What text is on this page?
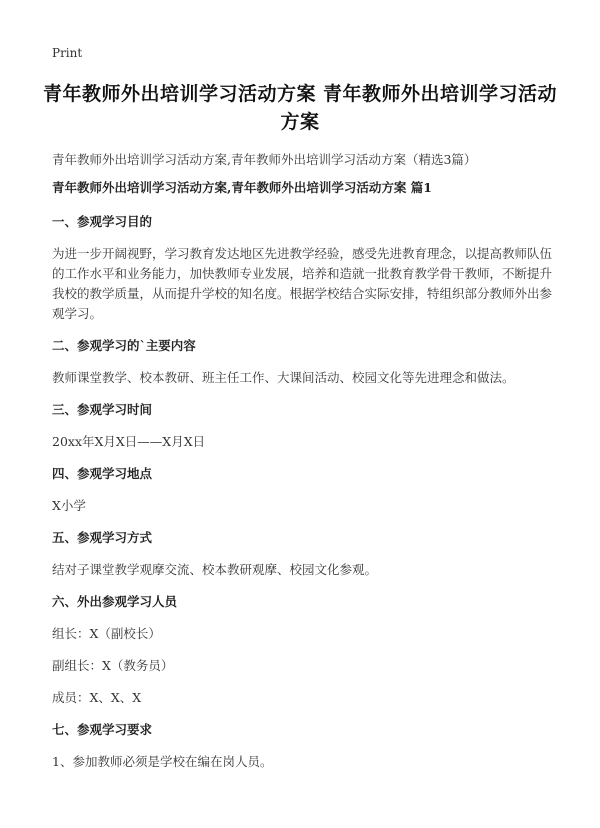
Print
青年教师外出培训学习活动方案 青年教师外出培训学习活动方案
青年教师外出培训学习活动方案,青年教师外出培训学习活动方案（精选3篇）
青年教师外出培训学习活动方案,青年教师外出培训学习活动方案 篇1
一、参观学习目的
为进一步开阔视野，学习教育发达地区先进教学经验，感受先进教育理念，以提高教师队伍的工作水平和业务能力，加快教师专业发展，培养和造就一批教育教学骨干教师，不断提升我校的教学质量，从而提升学校的知名度。根据学校结合实际安排，特组织部分教师外出参观学习。
二、参观学习的`主要内容
教师课堂教学、校本教研、班主任工作、大课间活动、校园文化等先进理念和做法。
三、参观学习时间
20xx年X月X日——X月X日
四、参观学习地点
X小学
五、参观学习方式
结对子课堂教学观摩交流、校本教研观摩、校园文化参观。
六、外出参观学习人员
组长：X（副校长）
副组长：X（教务员）
成员：X、X、X
七、参观学习要求
1、参加教师必须是学校在编在岗人员。
